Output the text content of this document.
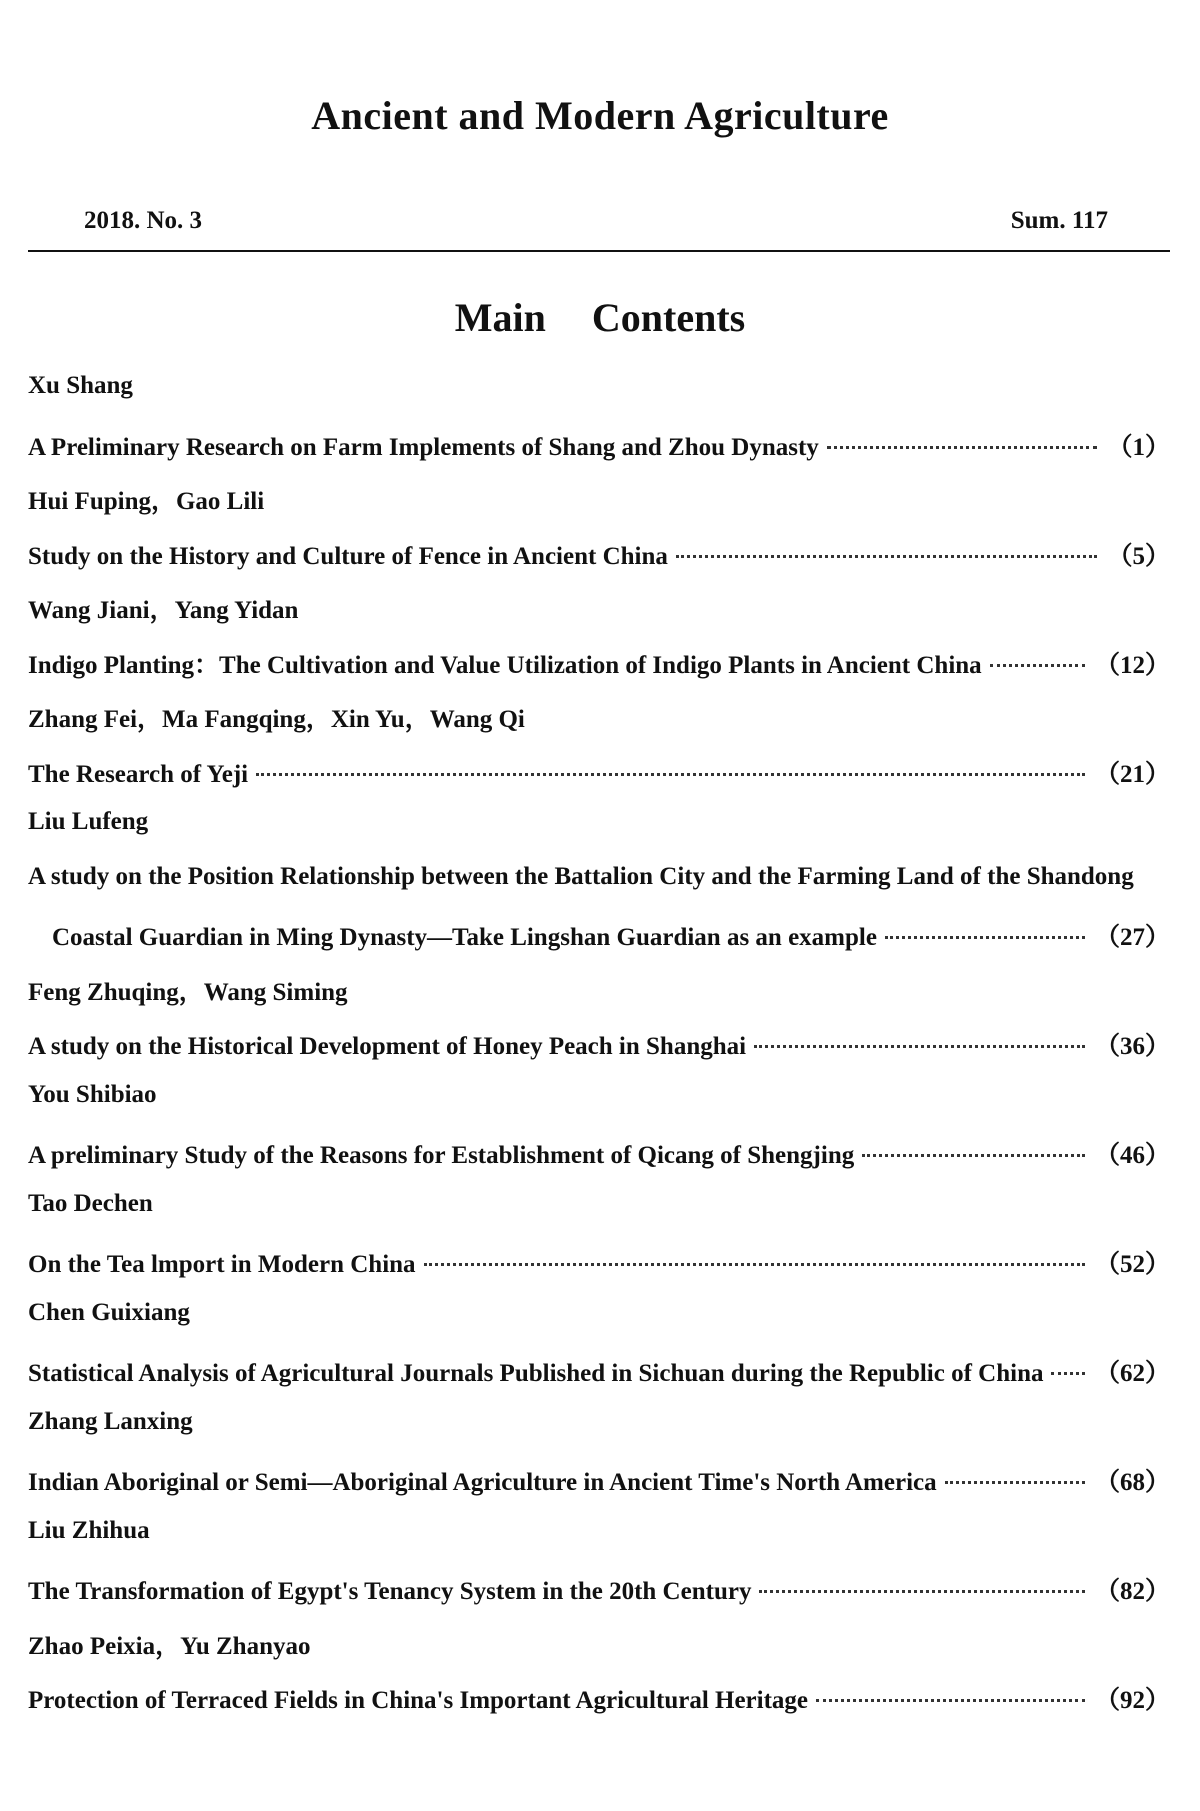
Ancient and Modern Agriculture
2018. No. 3	Sum. 117
Main Contents
Xu Shang
A Preliminary Research on Farm Implements of Shang and Zhou Dynasty	（1）
Hui Fuping，Gao Lili
Study on the History and Culture of Fence in Ancient China	（5）
Wang Jiani，Yang Yidan
Indigo Planting：The Cultivation and Value Utilization of Indigo Plants in Ancient China	（12）
Zhang Fei，Ma Fangqing，Xin Yu，Wang Qi
The Research of Yeji	（21）
Liu Lufeng
A study on the Position Relationship between the Battalion City and the Farming Land of the Shandong
Coastal Guardian in Ming Dynasty—Take Lingshan Guardian as an example	（27）
Feng Zhuqing，Wang Siming
A study on the Historical Development of Honey Peach in Shanghai	（36）
You Shibiao
A preliminary Study of the Reasons for Establishment of Qicang of Shengjing	（46）
Tao Dechen
On the Tea lmport in Modern China	（52）
Chen Guixiang
Statistical Analysis of Agricultural Journals Published in Sichuan during the Republic of China （62）
Zhang Lanxing
Indian Aboriginal or Semi—Aboriginal Agriculture in Ancient Time's North America	（68）
Liu Zhihua
The Transformation of Egypt's Tenancy System in the 20th Century	（82）
Zhao Peixia，Yu Zhanyao
Protection of Terraced Fields in China's Important Agricultural Heritage	（92）
